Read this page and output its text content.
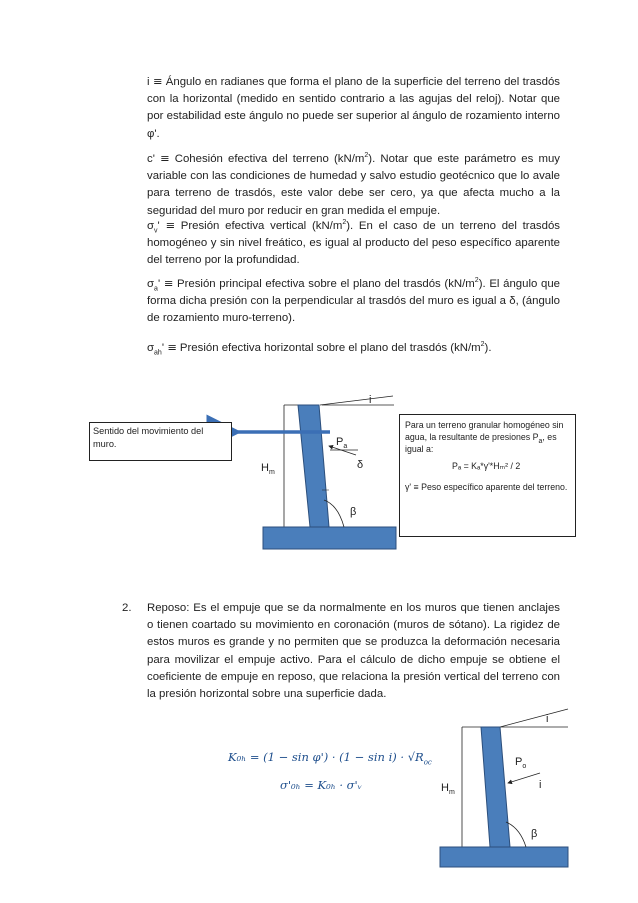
i ≡ Ángulo en radianes que forma el plano de la superficie del terreno del trasdós con la horizontal (medido en sentido contrario a las agujas del reloj). Notar que por estabilidad este ángulo no puede ser superior al ángulo de rozamiento interno φ'.

c' ≡ Cohesión efectiva del terreno $(kN/m^2)$. Notar que este parámetro es muy variable con las condiciones de humedad y salvo estudio geotécnico que lo avale para terreno de trasdós, este valor debe ser cero, ya que afecta mucho a la seguridad del muro por reducir en gran medida el empuje.

$\sigma_v'$ ≡ Presión efectiva vertical $(kN/m^2)$. En el caso de un terreno del trasdós homogéneo y sin nivel freático, es igual al producto del peso específico aparente del terreno por la profundidad.

$\sigma_a'$ ≡ Presión principal efectiva sobre el plano del trasdós $(kN/m^2)$. El ángulo que forma dicha presión con la perpendicular al trasdós del muro es igual a δ, (ángulo de rozamiento muro-terreno).

$\sigma_{ah}'$ ≡ Presión efectiva horizontal sobre el plano del trasdós $(kN/m^2)$.

i
$P_a$
δ
$H_m$
β
Sentido del movimiento del muro.
Para un terreno granular homogéneo sin agua, la resultante de presiones $P_a$, es igual a:
Pₐ = Kₐ*γ'*Hₘ² / 2
γ' ≡ Peso específico aparente del terreno.
2. Reposo: Es el empuje que se da normalmente en los muros que tienen anclajes o tienen coartado su movimiento en coronación (muros de sótano). La rigidez de estos muros es grande y no permiten que se produzca la deformación necesaria para movilizar el empuje activo. Para el cálculo de dicho empuje se obtiene el coeficiente de empuje en reposo, que relaciona la presión vertical del terreno con la presión horizontal sobre una superficie dada.

$K_{0h} = (1 - \sin \varphi') \cdot (1 - \sin i) \cdot √R_{oc}$
σ'₀ₕ = K₀ₕ · σ'ᵥ
i
$P_o$
i
$H_m$
β
